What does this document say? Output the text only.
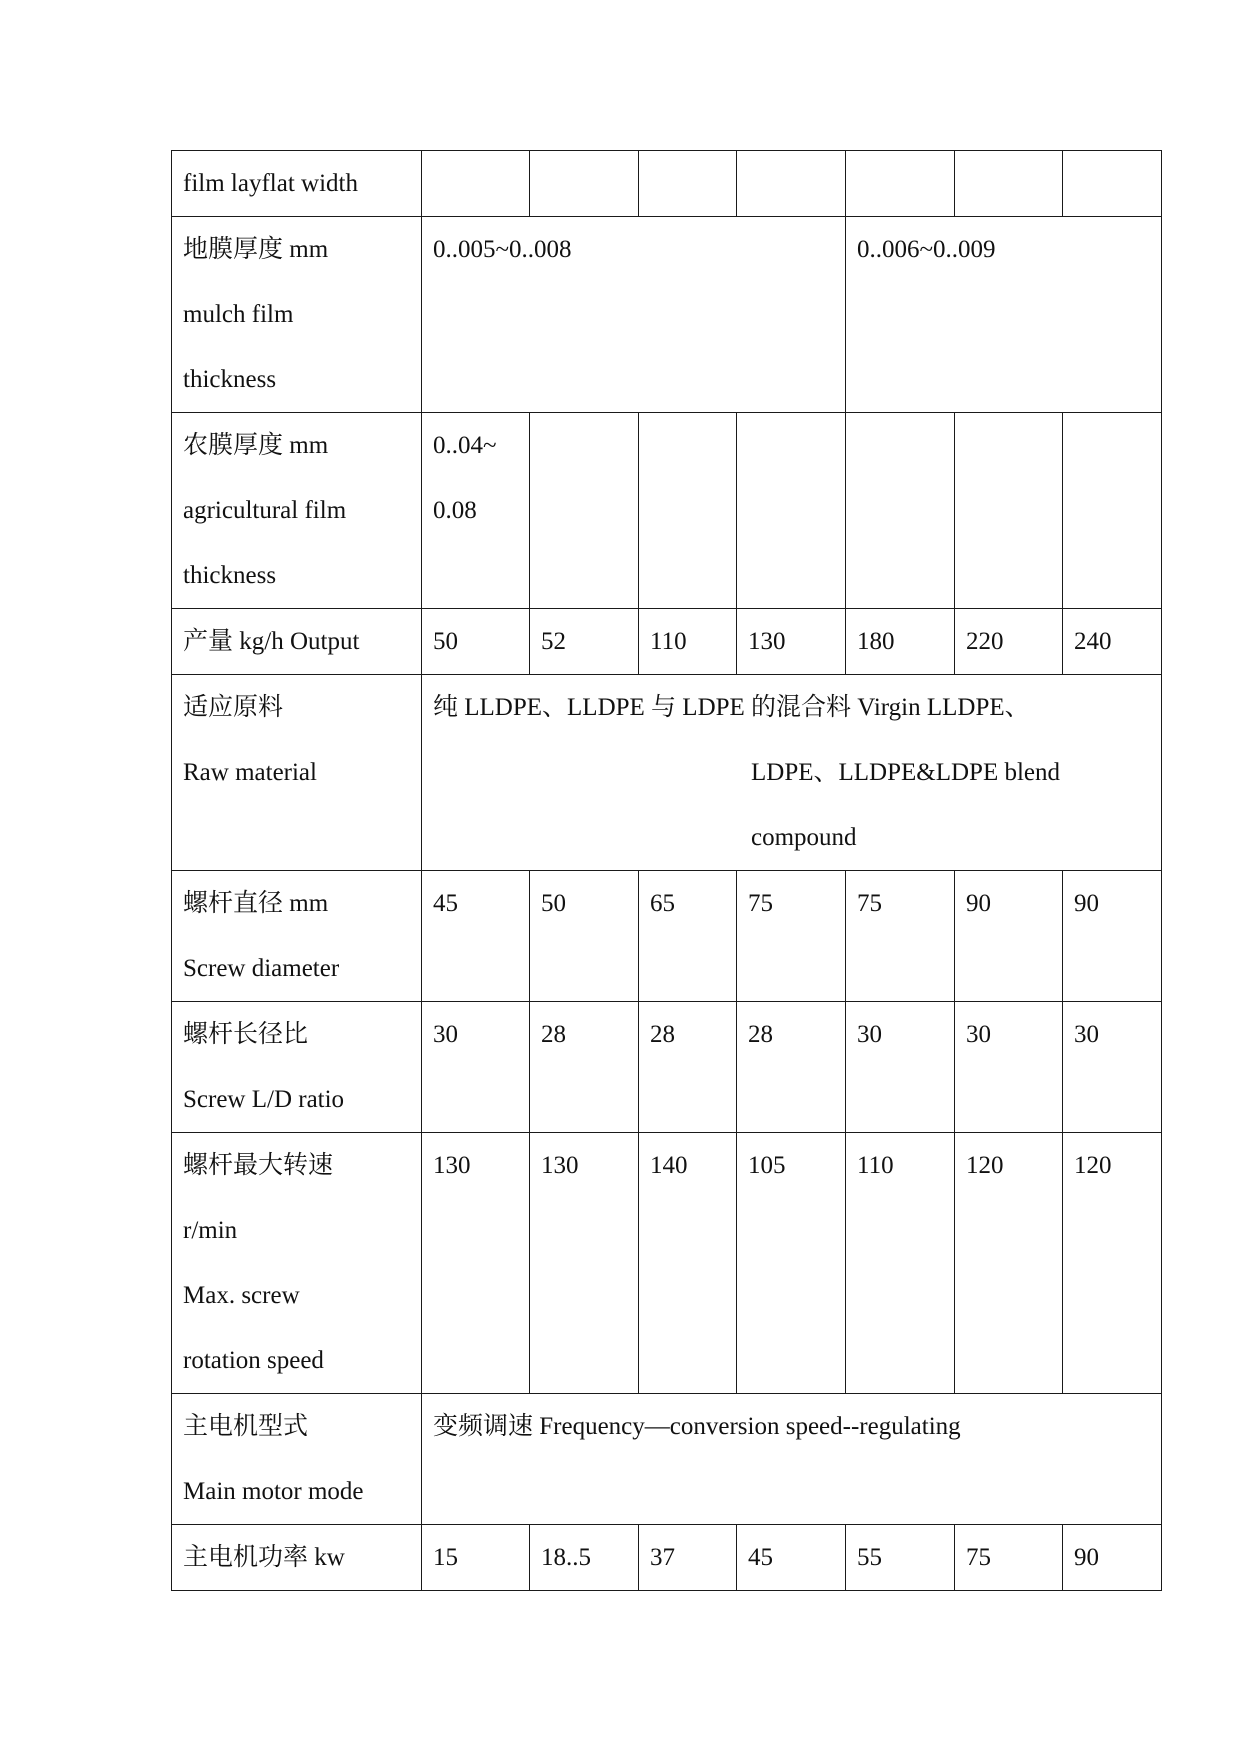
film layflat width							

地膜厚度 mm
mulch film
thickness	0..005~0..008				0..006~0..009		

农膜厚度 mm
agricultural film
thickness	0..04~
0.08						

产量 kg/h Output	50	52	110	130	180	220	240

适应原料
Raw material	纯 LLDPE、LLDPE 与 LDPE 的混合料 Virgin LLDPE、
LDPE、LLDPE&LDPE blend
compound						

螺杆直径 mm
Screw diameter	45	50	65	75	75	90	90

螺杆长径比
Screw L/D ratio	30	28	28	28	30	30	30

螺杆最大转速
r/min
Max. screw
rotation speed	130	130	140	105	110	120	120

主电机型式
Main motor mode	变频调速 Frequency—conversion speed--regulating						

主电机功率 kw	15	18..5	37	45	55	75	90
